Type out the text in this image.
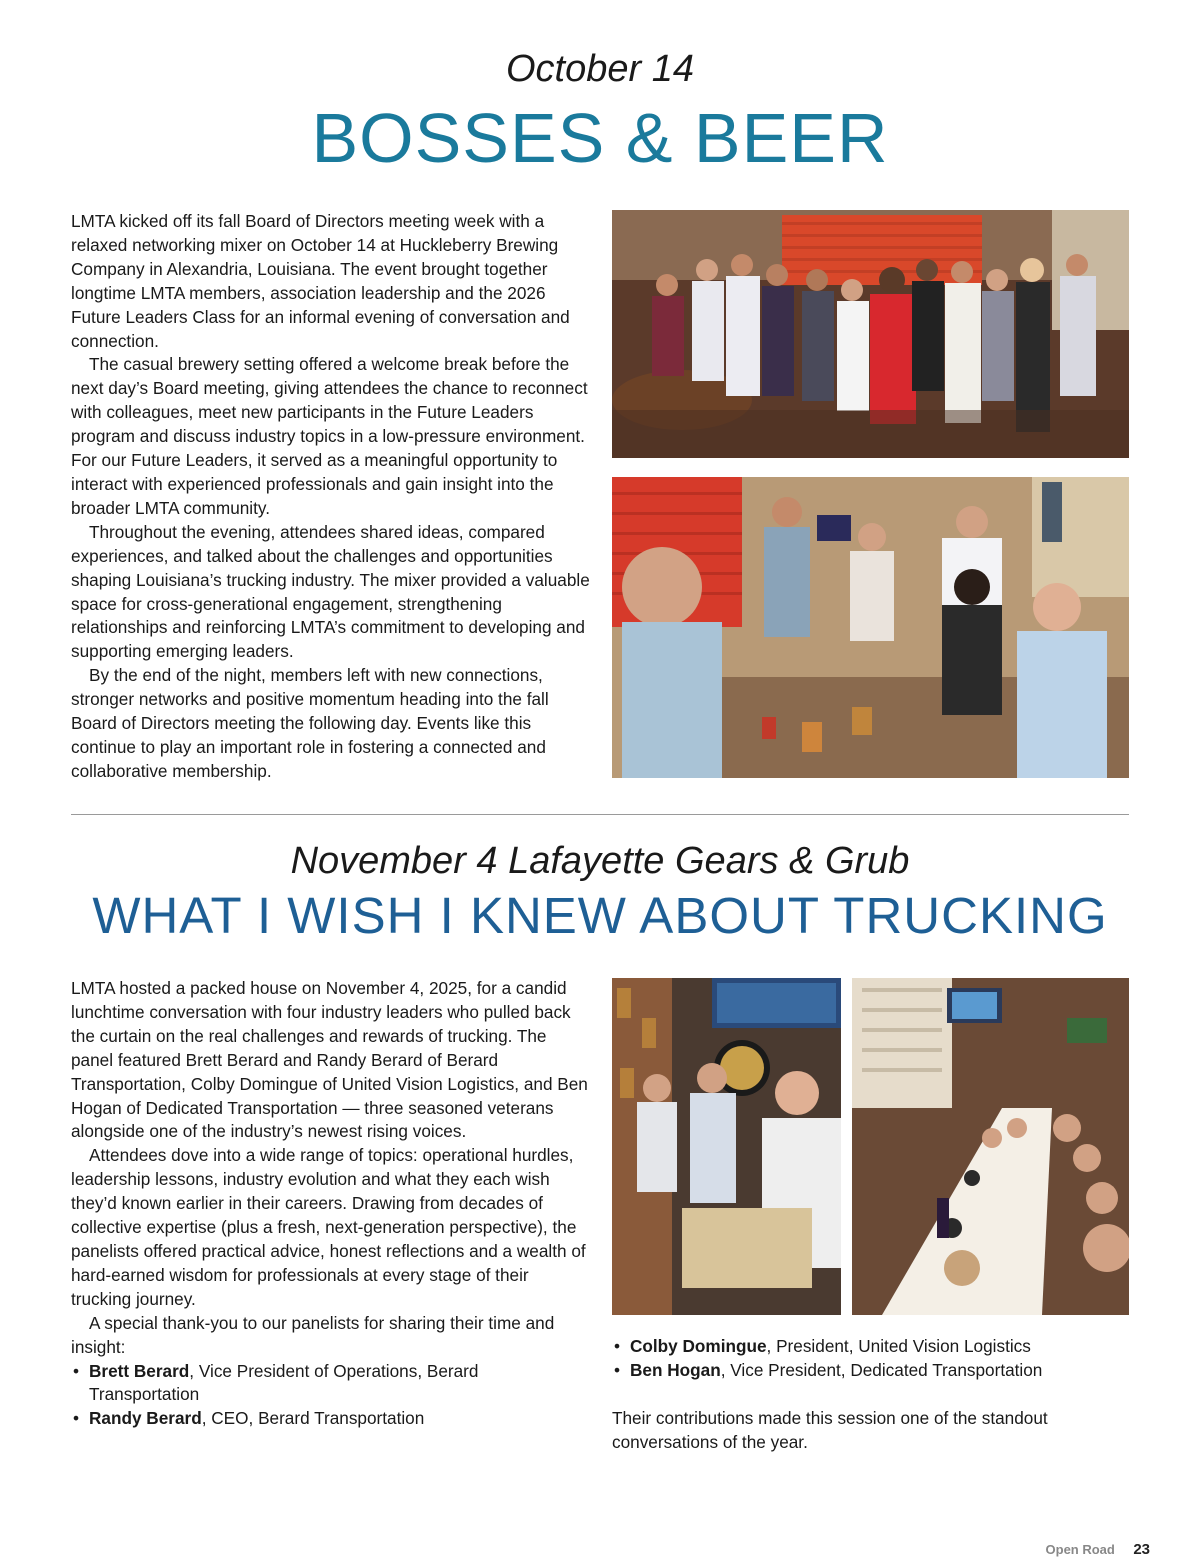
October 14
BOSSES & BEER

LMTA kicked off its fall Board of Directors meeting week with a relaxed networking mixer on October 14 at Huckleberry Brewing Company in Alexandria, Louisiana. The event brought together longtime LMTA members, association leadership and the 2026 Future Leaders Class for an informal evening of conversation and connection.

The casual brewery setting offered a welcome break before the next day’s Board meeting, giving attendees the chance to reconnect with colleagues, meet new participants in the Future Leaders program and discuss industry topics in a low-pressure environment. For our Future Leaders, it served as a meaningful opportunity to interact with experienced professionals and gain insight into the broader LMTA community.

Throughout the evening, attendees shared ideas, compared experiences, and talked about the challenges and opportunities shaping Louisiana’s trucking industry. The mixer provided a valuable space for cross-generational engagement, strengthening relationships and reinforcing LMTA’s commitment to developing and supporting emerging leaders.

By the end of the night, members left with new connections, stronger networks and positive momentum heading into the fall Board of Directors meeting the following day. Events like this continue to play an important role in fostering a connected and collaborative membership.

November 4 Lafayette Gears & Grub
WHAT I WISH I KNEW ABOUT TRUCKING

LMTA hosted a packed house on November 4, 2025, for a candid lunchtime conversation with four industry leaders who pulled back the curtain on the real challenges and rewards of trucking. The panel featured Brett Berard and Randy Berard of Berard Transportation, Colby Domingue of United Vision Logistics, and Ben Hogan of Dedicated Transportation — three seasoned veterans alongside one of the industry’s newest rising voices.

Attendees dove into a wide range of topics: operational hurdles, leadership lessons, industry evolution and what they each wish they’d known earlier in their careers. Drawing from decades of collective expertise (plus a fresh, next-generation perspective), the panelists offered practical advice, honest reflections and a wealth of hard-earned wisdom for professionals at every stage of their trucking journey.

A special thank-you to our panelists for sharing their time and insight:

• Brett Berard, Vice President of Operations, Berard Transportation
• Randy Berard, CEO, Berard Transportation
• Colby Domingue, President, United Vision Logistics
• Ben Hogan, Vice President, Dedicated Transportation

Their contributions made this session one of the standout conversations of the year.

Open Road 23
